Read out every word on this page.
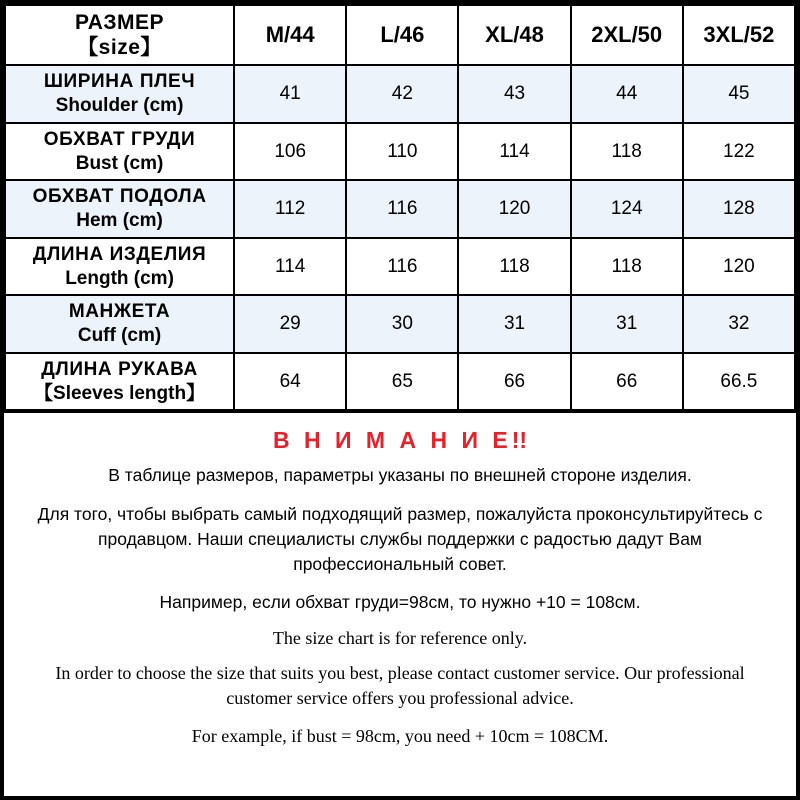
РАЗМЕР
【size】	M/44	L/46	XL/48	2XL/50	3XL/52

ШИРИНА ПЛЕЧ
Shoulder (cm)	41	42	43	44	45

ОБХВАТ ГРУДИ
Bust (cm)	106	110	114	118	122

ОБХВАТ ПОДОЛА
Hem (cm)	112	116	120	124	128

ДЛИНА ИЗДЕЛИЯ
Length (cm)	114	116	118	118	120

МАНЖЕТА
Cuff (cm)	29	30	31	31	32

ДЛИНА РУКАВА
【Sleeves length】	64	65	66	66	66.5
В Н И М А Н И Е!!

В таблице размеров, параметры указаны по внешней стороне изделия.

Для того, чтобы выбрать самый подходящий размер, пожалуйста проконсультируйтесь с продавцом. Наши специалисты службы поддержки с радостью дадут Вам профессиональный совет.

Например, если обхват груди=98см, то нужно +10 = 108см.

The size chart is for reference only.

In order to choose the size that suits you best, please contact customer service. Our professional customer service offers you professional advice.

For example, if bust = 98cm, you need + 10cm = 108CM.
